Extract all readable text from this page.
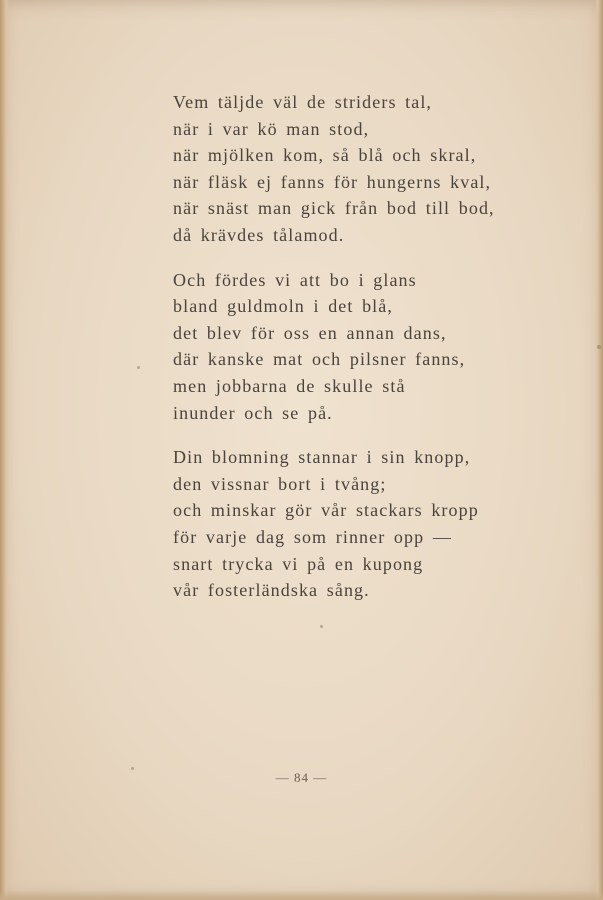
Vem täljde väl de striders tal,
när i var kö man stod,
när mjölken kom, så blå och skral,
när fläsk ej fanns för hungerns kval,
när snäst man gick från bod till bod,
då krävdes tålamod.
Och fördes vi att bo i glans
bland guldmoln i det blå,
det blev för oss en annan dans,
där kanske mat och pilsner fanns,
men jobbarna de skulle stå
inunder och se på.
Din blomning stannar i sin knopp,
den vissnar bort i tvång;
och minskar gör vår stackars kropp
för varje dag som rinner opp —
snart trycka vi på en kupong
vår fosterländska sång.
— 84 —
